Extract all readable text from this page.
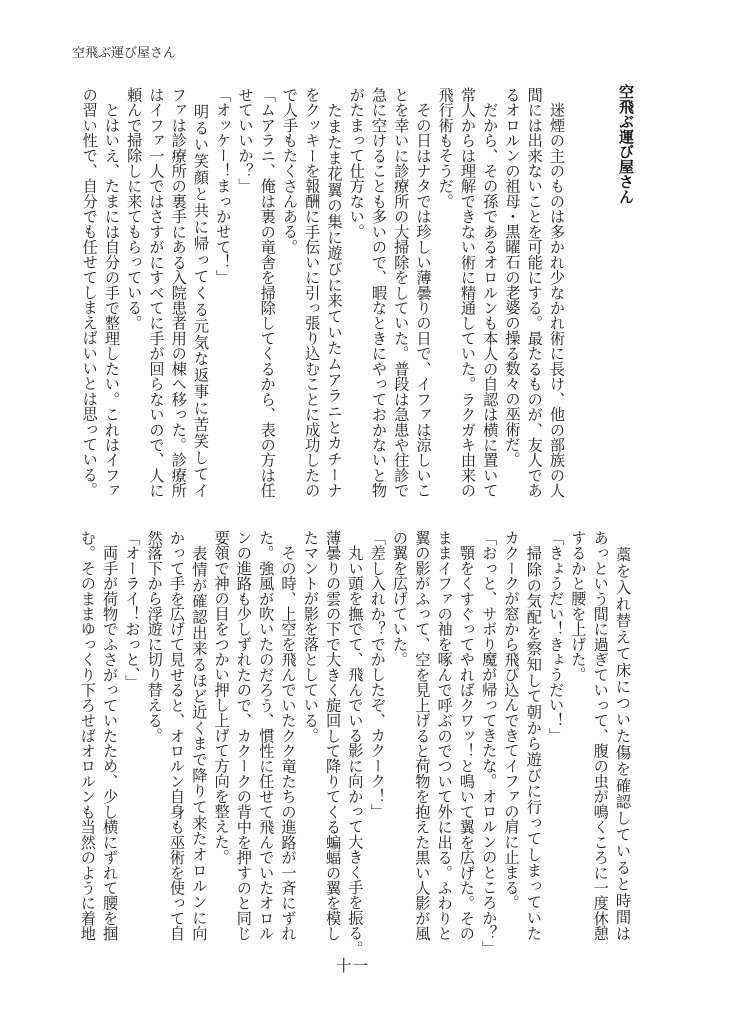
空飛ぶ運び屋さん
空飛ぶ運び屋さん
　迷煙の主のものは多かれ少なかれ術に長け、他の部族の人
間には出来ないことを可能にする。最たるものが、友人であ
るオロルンの祖母・黒曜石の老婆の操る数々の巫術だ。
　だから、その孫であるオロルンも本人の自認は横に置いて
常人からは理解できない術に精通していた。ラクガキ由来の
飛行術もそうだ。
　その日はナタでは珍しい薄曇りの日で、イファは涼しいこ
とを幸いに診療所の大掃除をしていた。普段は急患や往診で
急に空けることも多いので、暇なときにやっておかないと物
がたまって仕方ない。
　たまたま花翼の集に遊びに来ていたムアラニとカチーナ
をクッキーを報酬に手伝いに引っ張り込むことに成功したの
で人手もたくさんある。
「ムアラニ、俺は裏の竜舎を掃除してくるから、表の方は任
せていいか？」
「オッケー！まっかせて！」
　明るい笑顔と共に帰ってくる元気な返事に苦笑してイ
ファは診療所の裏手にある入院患者用の棟へ移った。診療所
はイファ一人ではさすがにすべてに手が回らないので、人に
頼んで掃除しに来てもらっている。
　とはいえ、たまには自分の手で整理したい。これはイファ
の習い性で、自分でも任せてしまえばいいとは思っている。
　藁を入れ替えて床についた傷を確認していると時間は
あっという間に過ぎていって、腹の虫が鳴くころに一度休憩
するかと腰を上げた。
「きょうだい！きょうだい！」
　掃除の気配を察知して朝から遊びに行ってしまっていた
カクークが窓から飛び込んできてイファの肩に止まる。
「おっと、サボり魔が帰ってきたな。オロルンのところか？」
　顎をくすぐってやればクワッ！と鳴いて翼を広げた。その
ままイファの袖を啄んで呼ぶのでついて外に出る。ふわりと
翼の影がふって、空を見上げると荷物を抱えた黒い人影が風
の翼を広げていた。
「差し入れか？でかしたぞ、カクーク！」
　丸い頭を撫でて、飛んでいる影に向かって大きく手を振る。
薄曇りの雲の下で大きく旋回して降りてくる蝙蝠の翼を模し
たマントが影を落としている。
　その時、上空を飛んでいたクク竜たちの進路が一斉にずれ
た。強風が吹いたのだろう、慣性に任せて飛んでいたオロル
ンの進路も少しずれたので、カクークの背中を押すのと同じ
要領で神の目をつかい押し上げて方向を整えた。
　表情が確認出来るほど近くまで降りて来たオロルンに向
かって手を広げて見せると、オロルン自身も巫術を使って自
然落下から浮遊に切り替える。
「オーライ！おっと、」
　両手が荷物でふさがっていたため、少し横にずれて腰を掴
む。そのままゆっくり下ろせばオロルンも当然のように着地
十一
